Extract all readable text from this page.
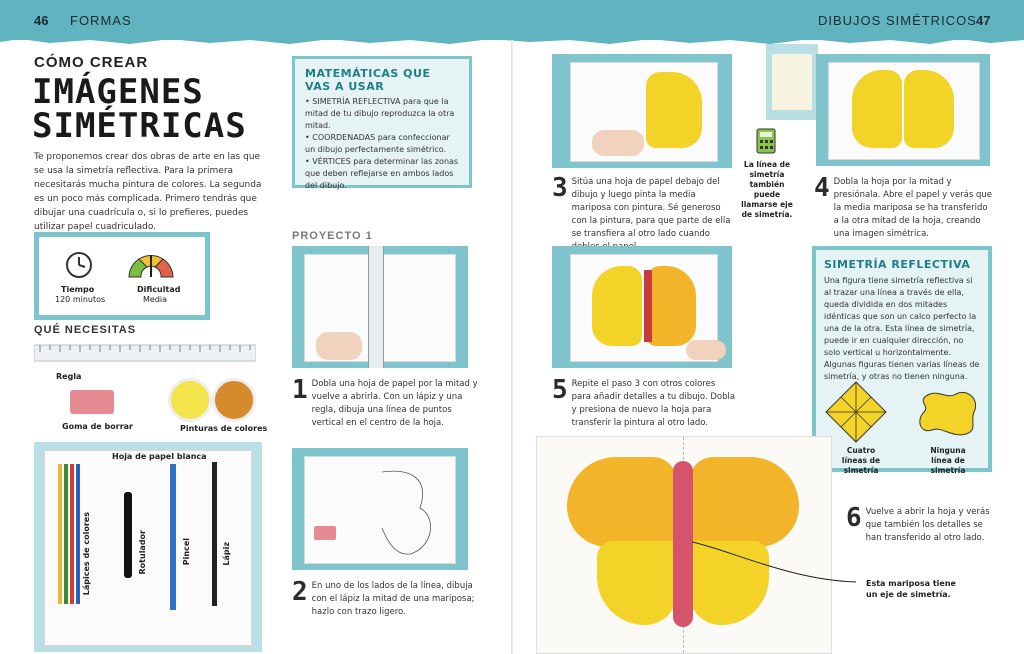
46 FORMAS	DIBUJOS SIMÉTRICOS 47
CÓMO CREAR
IMÁGENES
SIMÉTRICAS
Te proponemos crear dos obras de arte en las que se usa la simetría reflectiva. Para la primera necesitarás mucha pintura de colores. La segunda es un poco más complicada. Primero tendrás que dibujar una cuadrícula o, si lo prefieres, puedes utilizar papel cuadriculado.
Tiempo
120 minutos
Dificultad
Media
QUÉ NECESITAS
Regla
Goma de borrar	Pinturas de colores
Hoja de papel blanca
Lápices de colores	Rotulador	Pincel	Lápiz
MATEMÁTICAS QUE VAS A USAR
• SIMETRÍA REFLECTIVA para que la mitad de tu dibujo reproduzca la otra mitad.
• COORDENADAS para confeccionar un dibujo perfectamente simétrico.
• VÉRTICES para determinar las zonas que deben reflejarse en ambos lados del dibujo.
PROYECTO 1
1 Dobla una hoja de papel por la mitad y vuelve a abrirla. Con un lápiz y una regla, dibuja una línea de puntos vertical en el centro de la hoja.
2 En uno de los lados de la línea, dibuja con el lápiz la mitad de una mariposa; hazlo con trazo ligero.
3 Sitúa una hoja de papel debajo del dibujo y luego pinta la media mariposa con pintura. Sé generoso con la pintura, para que parte de ella se transfiera al otro lado cuando
La línea de simetría también puede llamarse eje de simetría.
4 Dobla la hoja por la mitad y presiónala. Abre el papel y verás que la media mariposa se ha transferido a la otra mitad de la hoja, creando una imagen simétrica.
5 Repite el paso 3 con otros colores para añadir detalles a tu dibujo. Dobla y presiona de nuevo la hoja para transferir la pintura al otro lado.
SIMETRÍA REFLECTIVA
Una figura tiene simetría reflectiva si al trazar una línea a través de ella, queda dividida en dos mitades idénticas que son un calco perfecto la una de la otra. Esta línea de simetría, puede ir en cualquier dirección, no solo vertical u horizontalmente. Algunas figuras tienen varias líneas de simetría, y otras no tienen ninguna.
Cuatro líneas de simetría
Ninguna línea de simetría
Esta mariposa tiene un eje de simetría.
6 Vuelve a abrir la hoja y verás que también los detalles se han transferido al otro lado.
